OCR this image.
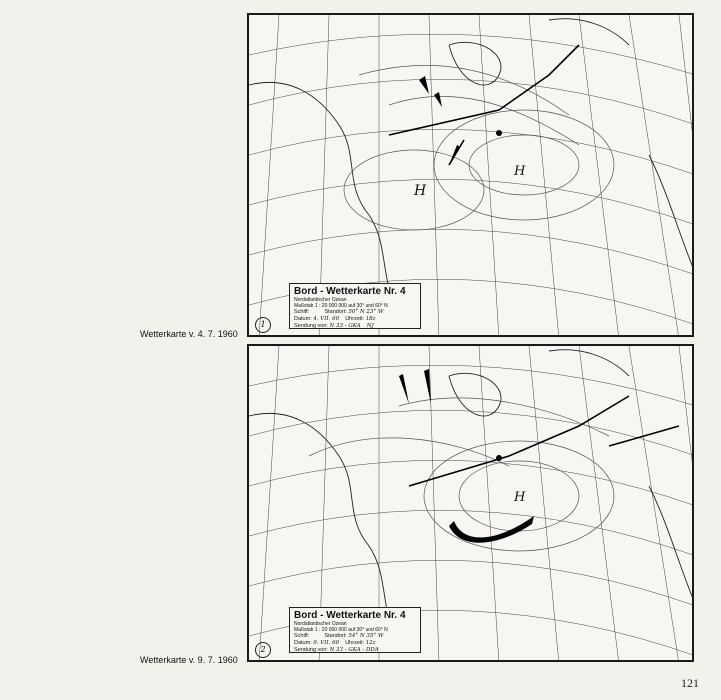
H
H
Bord - Wetterkarte Nr. 4
Nordatlantischer Ozean
Maßstab 1 : 20 000 000 auf 30° und 60° N
Schiff:	Standort: 50° N 23° W
Datum: 4. VII. 60 Uhrzeit: 18z
Sendung von: N 33 - GKA NJ
1
Wetterkarte v. 4. 7. 1960
H
Bord - Wetterkarte Nr. 4
Nordatlantischer Ozean
Maßstab 1 : 20 000 000 auf 30° und 60° N
Schiff:	Standort: 54° N 35° W
Datum: 9. VII. 60 Uhrzeit: 12z
Sendung von: N 33 - GKA - DDA
2
Wetterkarte v. 9. 7. 1960
121
